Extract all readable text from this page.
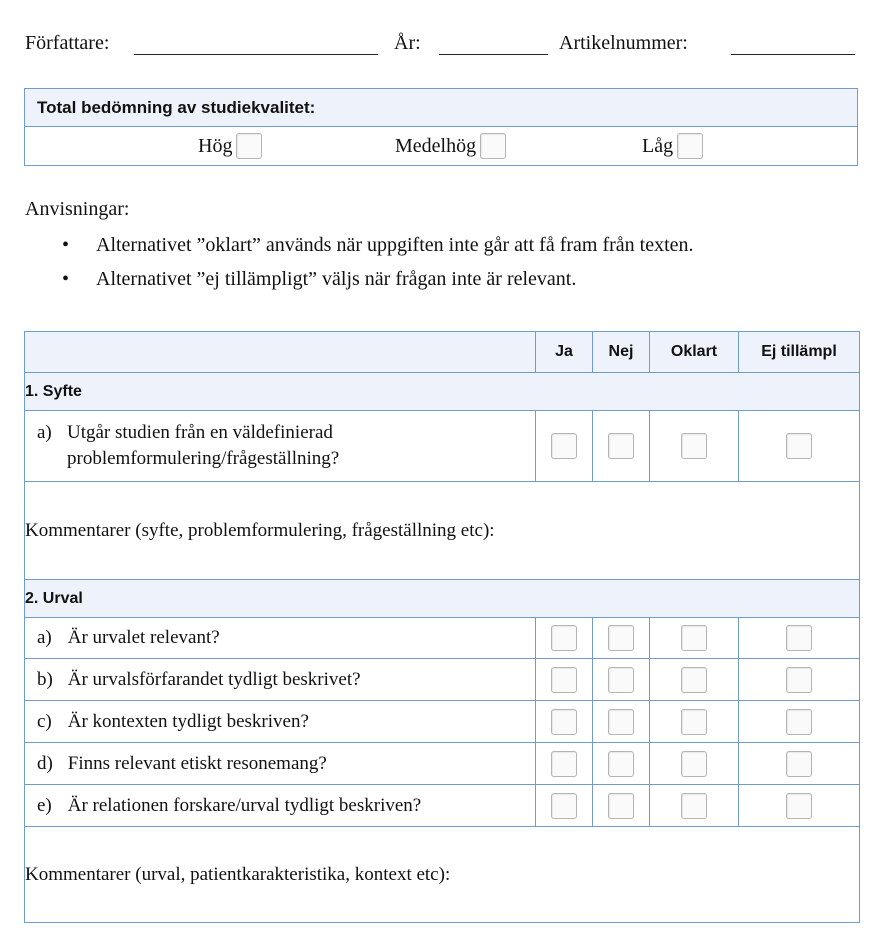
Författare:	År:	Artikelnummer:
Total bedömning av studiekvalitet:
Hög	Medelhög	Låg
Anvisningar:
• Alternativet ”oklart” används när uppgiften inte går att få fram från texten.
• Alternativet ”ej tillämpligt” väljs när frågan inte är relevant.
	Ja	Nej	Oklart	Ej tillämpl
1. Syfte				

a) Utgår studien från en väldefinierad
problemformulering/frågeställning?				

Kommentarer (syfte, problemformulering, frågeställning etc):				
2. Urval				
a) Är urvalet relevant?				
b) Är urvalsförfarandet tydligt beskrivet?				
c) Är kontexten tydligt beskriven?				
d) Finns relevant etiskt resonemang?				
e) Är relationen forskare/urval tydligt beskriven?				
Kommentarer (urval, patientkarakteristika, kontext etc):				
